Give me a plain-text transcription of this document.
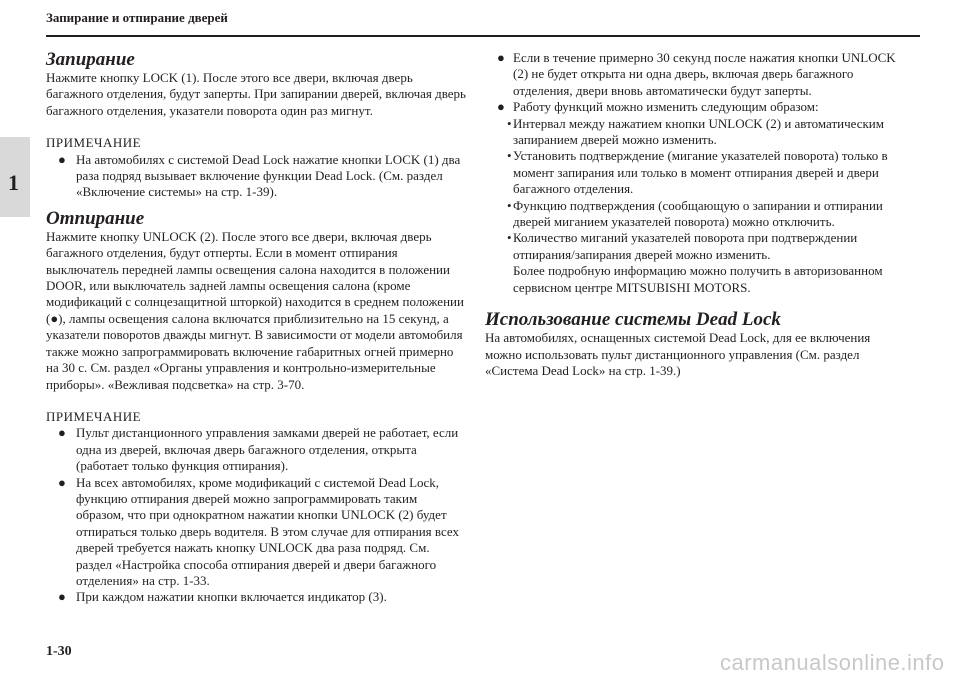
Запирание и отпирание дверей
1
Запирание

Нажмите кнопку LOCK (1). После этого все двери, включая дверь багажного отделения, будут заперты. При запирании дверей, включая дверь багажного отделения, указатели поворота один раз мигнут.

ПРИМЕЧАНИЕ

● На автомобилях с системой Dead Lock нажатие кнопки LOCK (1) два раза подряд вызывает включение функции Dead Lock. (См. раздел «Включение системы» на стр. 1-39).
Отпирание

Нажмите кнопку UNLOCK (2). После этого все двери, включая дверь багажного отделения, будут отперты. Если в момент отпирания выключатель передней лампы освещения салона находится в положении DOOR, или выключатель задней лампы освещения салона (кроме модификаций с солнцезащитной шторкой) находится в среднем положении (●), лампы освещения салона включатся приблизительно на 15 секунд, а указатели поворотов дважды мигнут. В зависимости от модели автомобиля также можно запрограммировать включение габаритных огней примерно на 30 с. См. раздел «Органы управления и контрольно-измерительные приборы». «Вежливая подсветка» на стр. 3-70.

ПРИМЕЧАНИЕ

● Пульт дистанционного управления замками дверей не работает, если одна из дверей, включая дверь багажного отделения, открыта (работает только функция отпирания).
● На всех автомобилях, кроме модификаций с системой Dead Lock, функцию отпирания дверей можно запрограммировать таким образом, что при однократном нажатии кнопки UNLOCK (2) будет отпираться только дверь водителя. В этом случае для отпирания всех дверей требуется нажать кнопку UNLOCK два раза подряд. См. раздел «Настройка способа отпирания дверей и двери багажного отделения» на стр. 1-33.
● При каждом нажатии кнопки включается индикатор (3).
● Если в течение примерно 30 секунд после нажатия кнопки UNLOCK (2) не будет открыта ни одна дверь, включая дверь багажного отделения, двери вновь автоматически будут заперты.
● Работу функций можно изменить следующим образом:
• Интервал между нажатием кнопки UNLOCK (2) и автоматическим запиранием дверей можно изменить.
• Установить подтверждение (мигание указателей поворота) только в момент запирания или только в момент отпирания дверей и двери багажного отделения.
• Функцию подтверждения (сообщающую о запирании и отпирании дверей миганием указателей поворота) можно отключить.
• Количество миганий указателей поворота при подтверждении отпирания/запирания дверей можно изменить.
Более подробную информацию можно получить в авторизованном сервисном центре MITSUBISHI MOTORS.
Использование системы Dead Lock

На автомобилях, оснащенных системой Dead Lock, для ее включения можно использовать пульт дистанционного управления (См. раздел «Система Dead Lock» на стр. 1-39.)

1-30	carmanualsonline.info
